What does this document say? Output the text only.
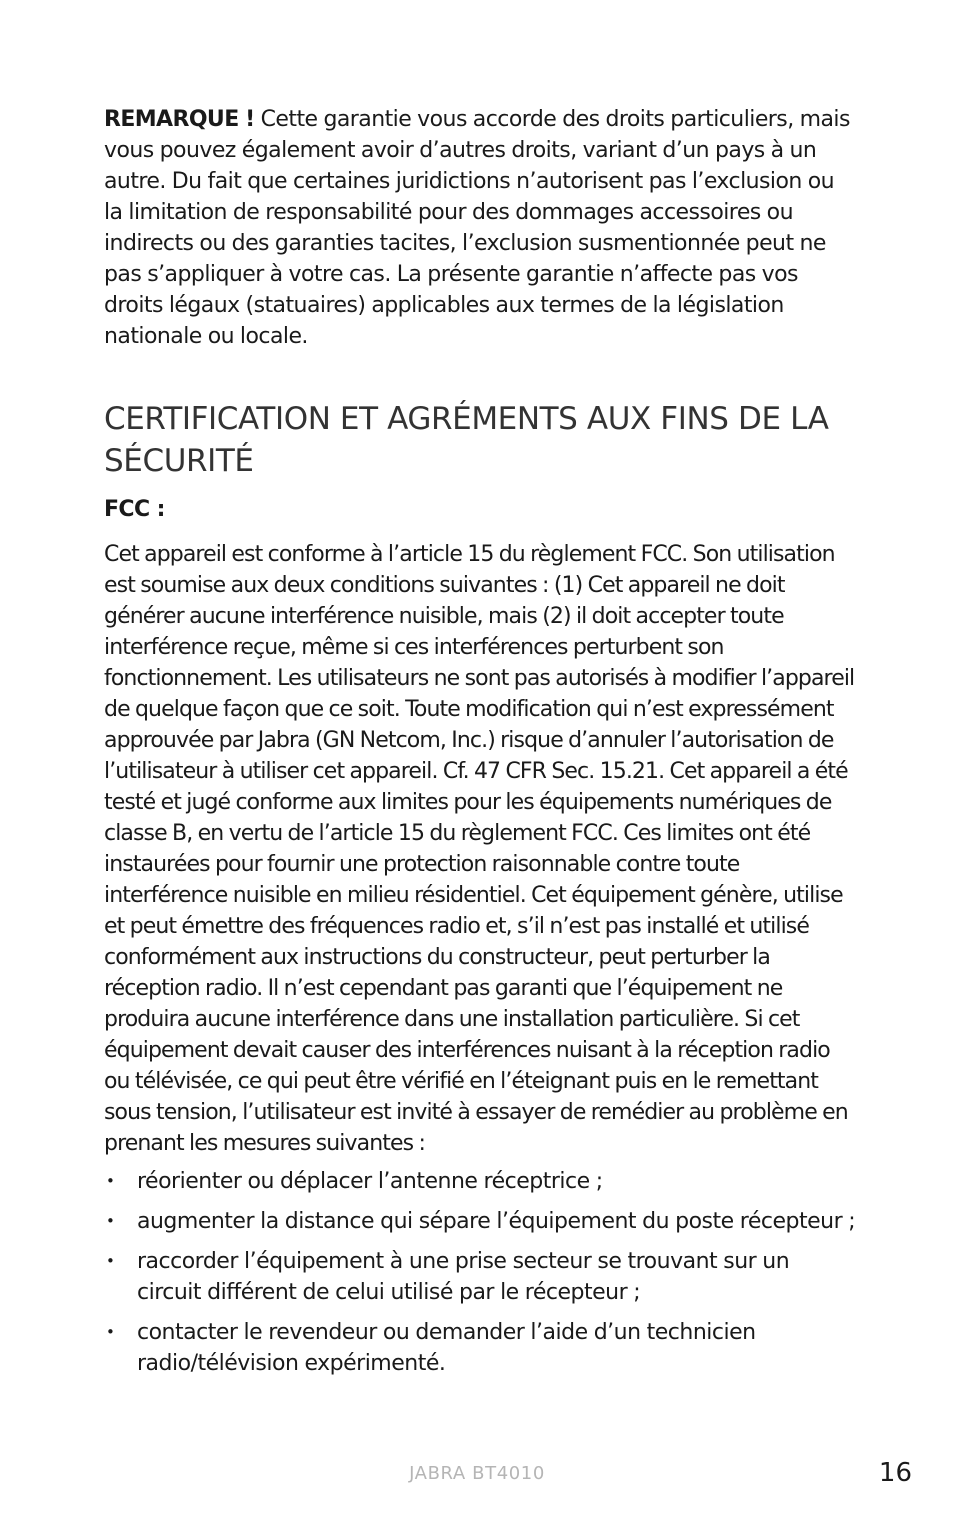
REMARQUE ! Cette garantie vous accorde des droits particuliers, mais vous pouvez également avoir d’autres droits, variant d’un pays à un autre. Du fait que certaines juridictions n’autorisent pas l’exclusion ou la limitation de responsabilité pour des dommages accessoires ou indirects ou des garanties tacites, l’exclusion susmentionnée peut ne pas s’appliquer à votre cas. La présente garantie n’affecte pas vos droits légaux (statuaires) applicables aux termes de la législation nationale ou locale.

CERTIFICATION ET AGRÉMENTS AUX FINS DE LA SÉCURITÉ
FCC :

Cet appareil est conforme à l’article 15 du règlement FCC. Son utilisation est soumise aux deux conditions suivantes : (1) Cet appareil ne doit générer aucune interférence nuisible, mais (2) il doit accepter toute interférence reçue, même si ces interférences perturbent son fonctionnement. Les utilisateurs ne sont pas autorisés à modifier l’appareil de quelque façon que ce soit. Toute modification qui n’est expressément approuvée par Jabra (GN Netcom, Inc.) risque d’annuler l’autorisation de l’utilisateur à utiliser cet appareil. Cf. 47 CFR Sec. 15.21. Cet appareil a été testé et jugé conforme aux limites pour les équipements numériques de classe B, en vertu de l’article 15 du règlement FCC. Ces limites ont été instaurées pour fournir une protection raisonnable contre toute interférence nuisible en milieu résidentiel. Cet équipement génère, utilise et peut émettre des fréquences radio et, s’il n’est pas installé et utilisé conformément aux instructions du constructeur, peut perturber la réception radio. Il n’est cependant pas garanti que l’équipement ne produira aucune interférence dans une installation particulière. Si cet équipement devait causer des interférences nuisant à la réception radio ou télévisée, ce qui peut être vérifié en l’éteignant puis en le remettant sous tension, l’utilisateur est invité à essayer de remédier au problème en prenant les mesures suivantes :

• réorienter ou déplacer l’antenne réceptrice ;
• augmenter la distance qui sépare l’équipement du poste récepteur ;
• raccorder l’équipement à une prise secteur se trouvant sur un circuit différent de celui utilisé par le récepteur ;
• contacter le revendeur ou demander l’aide d’un technicien radio/télévision expérimenté.
JABRA BT4010	16
